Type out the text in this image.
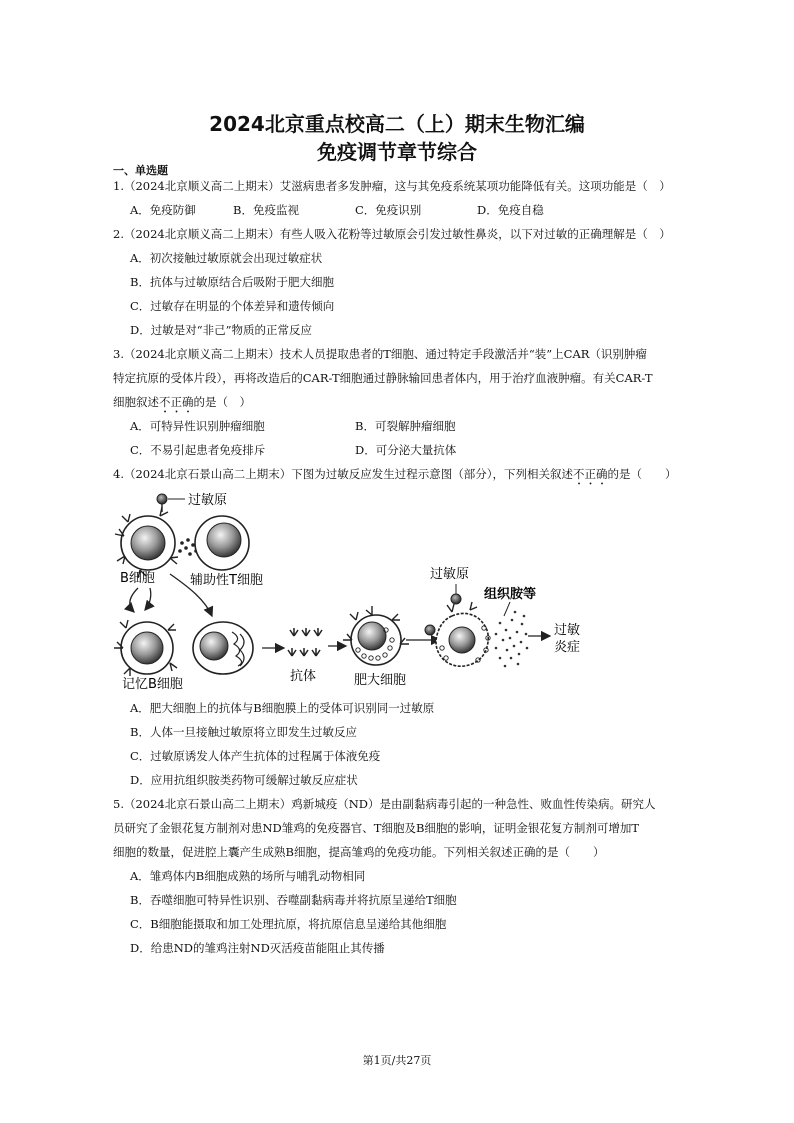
2024北京重点校高二（上）期末生物汇编
免疫调节章节综合
一、单选题
1.（2024北京顺义高二上期末）艾滋病患者多发肿瘤，这与其免疫系统某项功能降低有关。这项功能是（　）
A．免疫防御	B．免疫监视	C．免疫识别	D．免疫自稳
2.（2024北京顺义高二上期末）有些人吸入花粉等过敏原会引发过敏性鼻炎，以下对过敏的正确理解是（　）
A．初次接触过敏原就会出现过敏症状
B．抗体与过敏原结合后吸附于肥大细胞
C．过敏存在明显的个体差异和遗传倾向
D．过敏是对“非己”物质的正常反应
3.（2024北京顺义高二上期末）技术人员提取患者的T细胞、通过特定手段激活并“装”上CAR（识别肿瘤
特定抗原的受体片段），再将改造后的CAR-T细胞通过静脉输回患者体内，用于治疗血液肿瘤。有关CAR-T
细胞叙述不正确的是（　）
A．可特异性识别肿瘤细胞	B．可裂解肿瘤细胞
C．不易引起患者免疫排斥	D．可分泌大量抗体
4.（2024北京石景山高二上期末）下图为过敏反应发生过程示意图（部分），下列相关叙述不正确的是（　　）
过敏原
B细胞	辅助性T细胞
记忆B细胞
抗体	肥大细胞
过敏原
组织胺等
过敏
炎症
A．肥大细胞上的抗体与B细胞膜上的受体可识别同一过敏原
B．人体一旦接触过敏原将立即发生过敏反应
C．过敏原诱发人体产生抗体的过程属于体液免疫
D．应用抗组织胺类药物可缓解过敏反应症状
5.（2024北京石景山高二上期末）鸡新城疫（ND）是由副黏病毒引起的一种急性、败血性传染病。研究人
员研究了金银花复方制剂对患ND雏鸡的免疫器官、T细胞及B细胞的影响，证明金银花复方制剂可增加T
细胞的数量，促进腔上囊产生成熟B细胞，提高雏鸡的免疫功能。下列相关叙述正确的是（　　）
A．雏鸡体内B细胞成熟的场所与哺乳动物相同
B．吞噬细胞可特异性识别、吞噬副黏病毒并将抗原呈递给T细胞
C．B细胞能摄取和加工处理抗原，将抗原信息呈递给其他细胞
D．给患ND的雏鸡注射ND灭活疫苗能阻止其传播
第1页/共27页
